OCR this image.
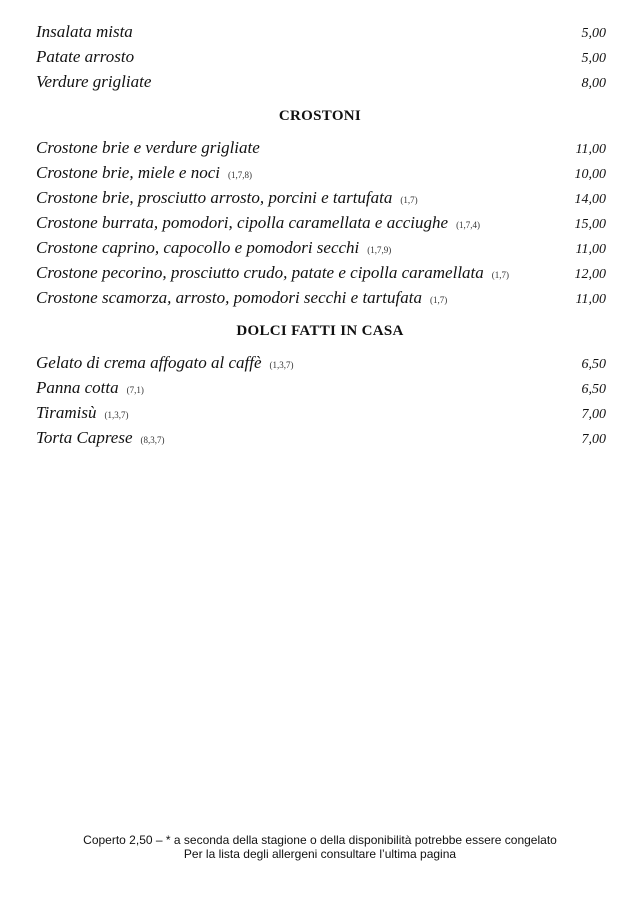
Insalata mista	5,00
Patate arrosto	5,00
Verdure grigliate	8,00
CROSTONI
Crostone brie e verdure grigliate	11,00
Crostone brie, miele e noci (1,7,8)	10,00
Crostone brie, prosciutto arrosto, porcini e tartufata (1,7)	14,00
Crostone burrata, pomodori, cipolla caramellata e acciughe (1,7,4)	15,00
Crostone caprino, capocollo e pomodori secchi (1,7,9)	11,00
Crostone pecorino, prosciutto crudo, patate e cipolla caramellata (1,7)	12,00
Crostone scamorza, arrosto, pomodori secchi e tartufata (1,7)	11,00
DOLCI FATTI IN CASA
Gelato di crema affogato al caffè (1,3,7)	6,50
Panna cotta (7,1)	6,50
Tiramisù (1,3,7)	7,00
Torta Caprese (8,3,7)	7,00
Coperto 2,50 – * a seconda della stagione o della disponibilità potrebbe essere congelato
Per la lista degli allergeni consultare l’ultima pagina
